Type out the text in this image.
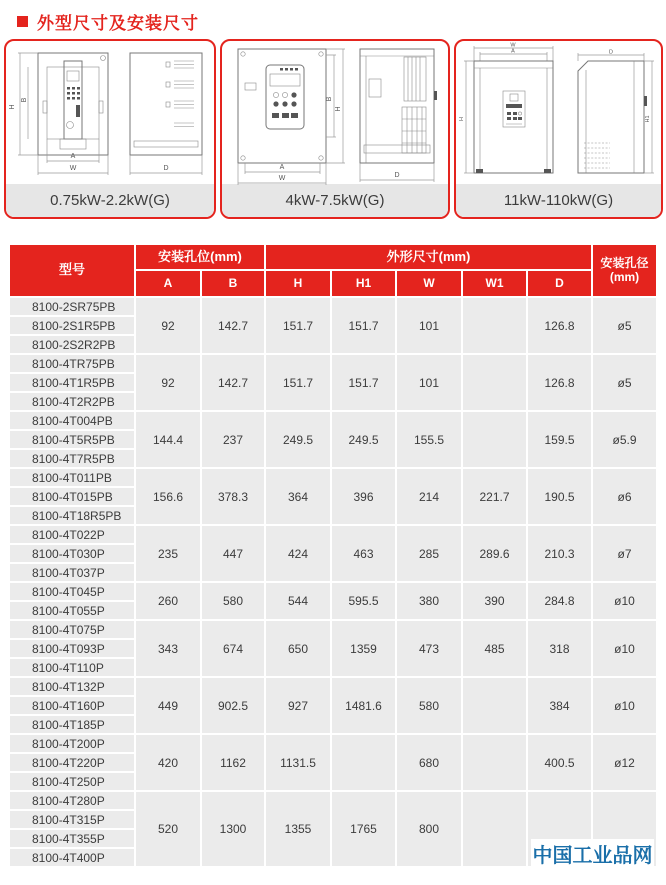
外型尺寸及安装尺寸
H
B
A
W	D
0.75kW-2.2kW(G)
B
H
A
W	D
4kW-7.5kW(G)
W
A
H
D
H1
11kW-110kW(G)
型号	安装孔位(mm)		外形尺寸(mm)					安装孔径
(mm)

	A	B	H	H1	W	W1	D	
8100-2SR75PB	92	142.7	151.7	151.7	101		126.8	ø5
8100-2S1R5PB								
8100-2S2R2PB								
8100-4TR75PB	92	142.7	151.7	151.7	101		126.8	ø5
8100-4T1R5PB								
8100-4T2R2PB								
8100-4T004PB	144.4	237	249.5	249.5	155.5		159.5	ø5.9
8100-4T5R5PB								
8100-4T7R5PB								
8100-4T011PB	156.6	378.3	364	396	214	221.7	190.5	ø6
8100-4T015PB								
8100-4T18R5PB								
8100-4T022P	235	447	424	463	285	289.6	210.3	ø7
8100-4T030P								
8100-4T037P								
8100-4T045P	260	580	544	595.5	380	390	284.8	ø10
8100-4T055P								
8100-4T075P	343	674	650	1359	473	485	318	ø10
8100-4T093P								
8100-4T110P								
8100-4T132P	449	902.5	927	1481.6	580		384	ø10
8100-4T160P								
8100-4T185P								
8100-4T200P	420	1162	1131.5		680		400.5	ø12
8100-4T220P								
8100-4T250P								
8100-4T280P	520	1300	1355	1765	800			
8100-4T315P								
8100-4T355P								
8100-4T400P									中国工业品网
